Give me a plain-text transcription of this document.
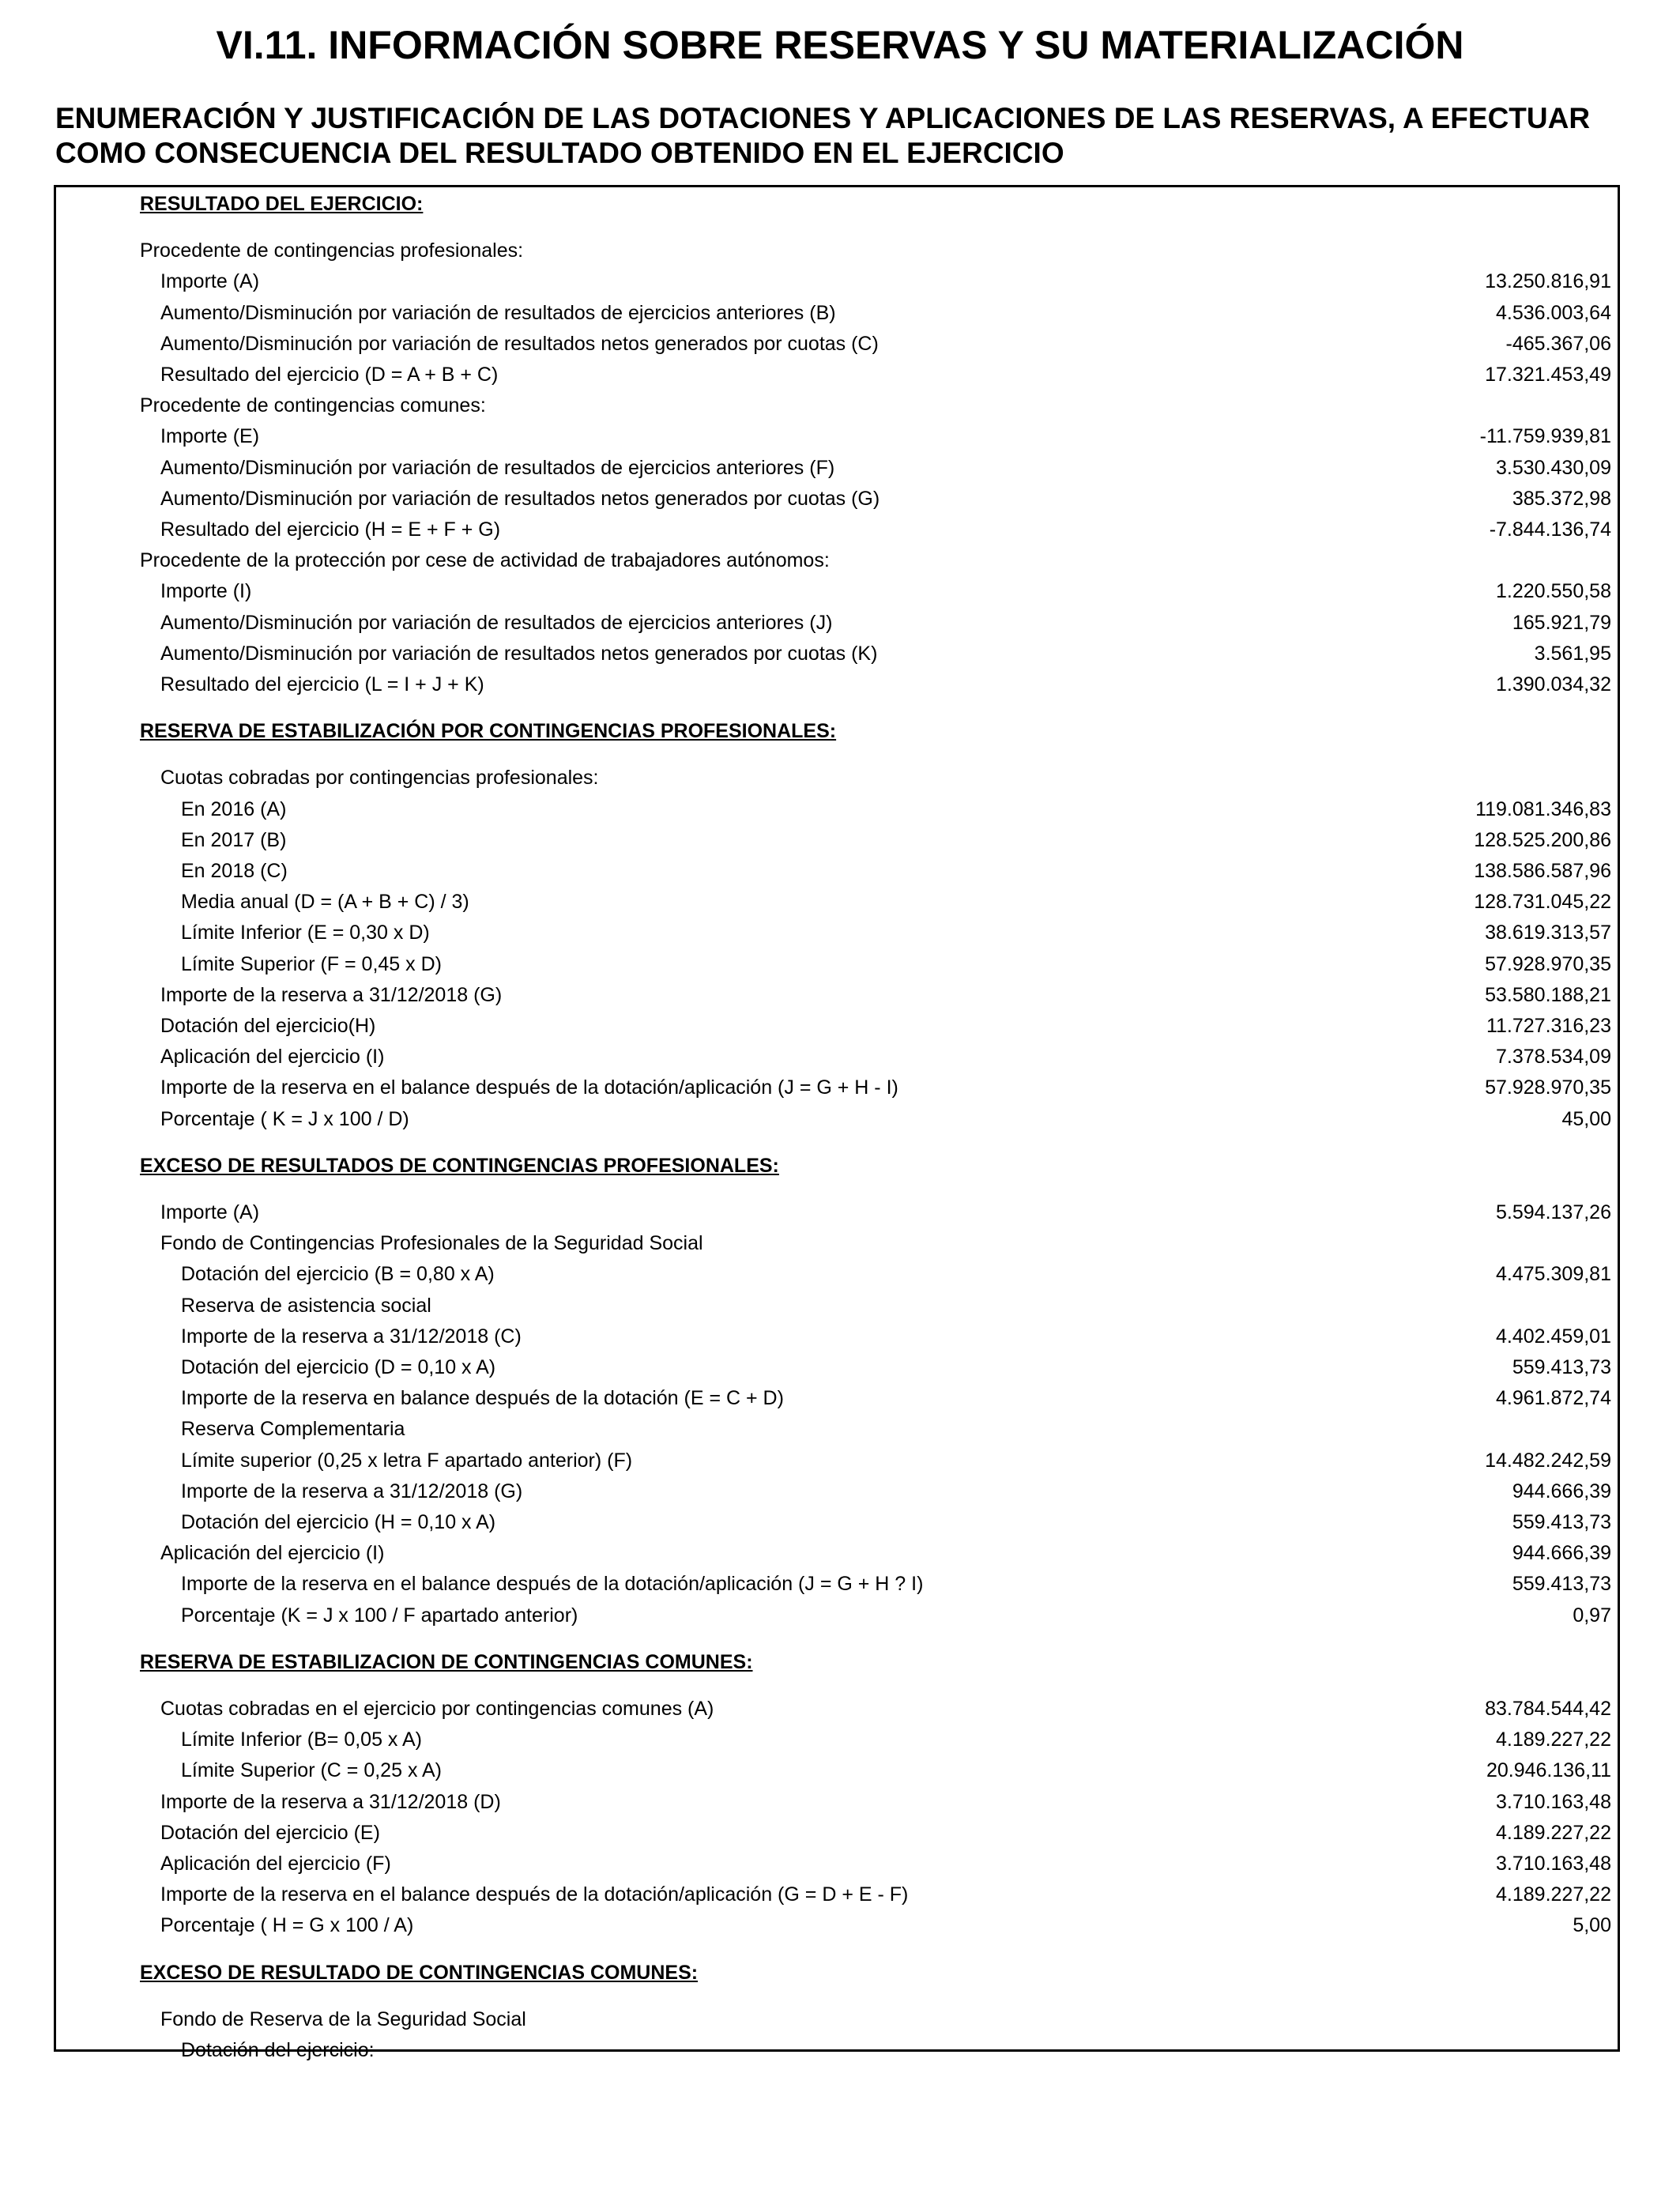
VI.11. INFORMACIÓN SOBRE RESERVAS Y SU MATERIALIZACIÓN
ENUMERACIÓN Y JUSTIFICACIÓN DE LAS DOTACIONES Y APLICACIONES DE LAS RESERVAS, A EFECTUAR COMO CONSECUENCIA DEL RESULTADO OBTENIDO EN EL EJERCICIO
RESULTADO DEL EJERCICIO:
Procedente de contingencias profesionales:
Importe (A)	13.250.816,91
Aumento/Disminución por variación de resultados de ejercicios anteriores (B)	4.536.003,64
Aumento/Disminución por variación de resultados netos generados por cuotas (C)	-465.367,06
Resultado del ejercicio (D = A + B + C)	17.321.453,49
Procedente de contingencias comunes:
Importe (E)	-11.759.939,81
Aumento/Disminución por variación de resultados de ejercicios anteriores (F)	3.530.430,09
Aumento/Disminución por variación de resultados netos generados por cuotas (G)	385.372,98
Resultado del ejercicio (H = E + F + G)	-7.844.136,74
Procedente de la protección por cese de actividad de trabajadores autónomos:
Importe (I)	1.220.550,58
Aumento/Disminución por variación de resultados de ejercicios anteriores (J)	165.921,79
Aumento/Disminución por variación de resultados netos generados por cuotas (K)	3.561,95
Resultado del ejercicio (L = I + J + K)	1.390.034,32
RESERVA DE ESTABILIZACIÓN POR CONTINGENCIAS PROFESIONALES:
Cuotas cobradas por contingencias profesionales:
En 2016 (A)	119.081.346,83
En 2017 (B)	128.525.200,86
En 2018 (C)	138.586.587,96
Media anual (D = (A + B + C) / 3)	128.731.045,22
Límite Inferior (E = 0,30 x D)	38.619.313,57
Límite Superior (F = 0,45 x D)	57.928.970,35
Importe de la reserva a 31/12/2018 (G)	53.580.188,21
Dotación del ejercicio(H)	11.727.316,23
Aplicación del ejercicio (I)	7.378.534,09
Importe de la reserva en el balance después de la dotación/aplicación (J = G + H - I)	57.928.970,35
Porcentaje ( K = J x 100 / D)	45,00
EXCESO DE RESULTADOS DE CONTINGENCIAS PROFESIONALES:
Importe (A)	5.594.137,26
Fondo de Contingencias Profesionales de la Seguridad Social
Dotación del ejercicio (B = 0,80 x A)	4.475.309,81
Reserva de asistencia social
Importe de la reserva a 31/12/2018 (C)	4.402.459,01
Dotación del ejercicio (D = 0,10 x A)	559.413,73
Importe de la reserva en balance después de la dotación (E = C + D)	4.961.872,74
Reserva Complementaria
Límite superior (0,25 x letra F apartado anterior) (F)	14.482.242,59
Importe de la reserva a 31/12/2018 (G)	944.666,39
Dotación del ejercicio (H = 0,10 x A)	559.413,73
Aplicación del ejercicio (I)	944.666,39
Importe de la reserva en el balance después de la dotación/aplicación (J = G + H ? I)	559.413,73
Porcentaje (K = J x 100 / F apartado anterior)	0,97
RESERVA DE ESTABILIZACION DE CONTINGENCIAS COMUNES:
Cuotas cobradas en el ejercicio por contingencias comunes (A)	83.784.544,42
Límite Inferior (B= 0,05 x A)	4.189.227,22
Límite Superior (C = 0,25 x A)	20.946.136,11
Importe de la reserva a 31/12/2018 (D)	3.710.163,48
Dotación del ejercicio (E)	4.189.227,22
Aplicación del ejercicio (F)	3.710.163,48
Importe de la reserva en el balance después de la dotación/aplicación (G = D + E - F)	4.189.227,22
Porcentaje ( H = G x 100 / A)	5,00
EXCESO DE RESULTADO DE CONTINGENCIAS COMUNES:
Fondo de Reserva de la Seguridad Social
Dotación del ejercicio:
